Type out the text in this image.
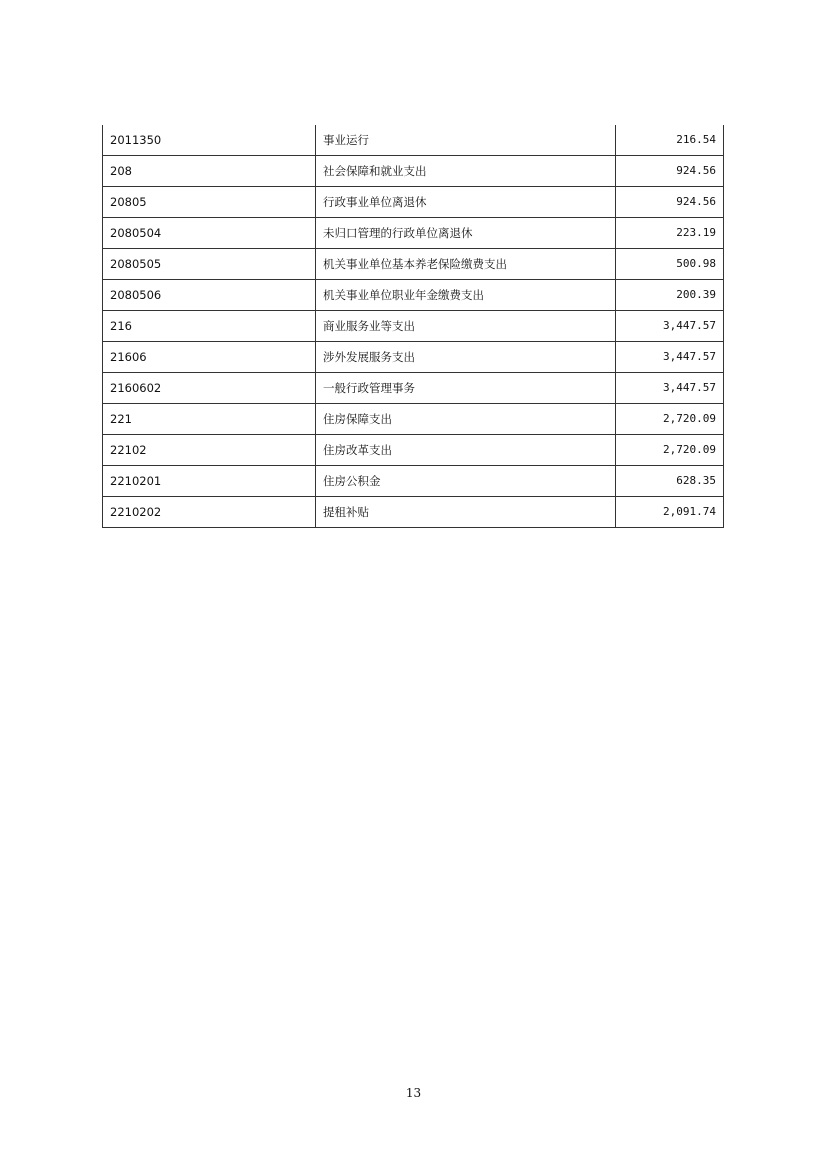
2011350	事业运行	216.54
208	社会保障和就业支出	924.56
20805	行政事业单位离退休	924.56
2080504	未归口管理的行政单位离退休	223.19
2080505	机关事业单位基本养老保险缴费支出	500.98
2080506	机关事业单位职业年金缴费支出	200.39
216	商业服务业等支出	3,447.57
21606	涉外发展服务支出	3,447.57
2160602	一般行政管理事务	3,447.57
221	住房保障支出	2,720.09
22102	住房改革支出	2,720.09
2210201	住房公积金	628.35
2210202	提租补贴	2,091.74
13
